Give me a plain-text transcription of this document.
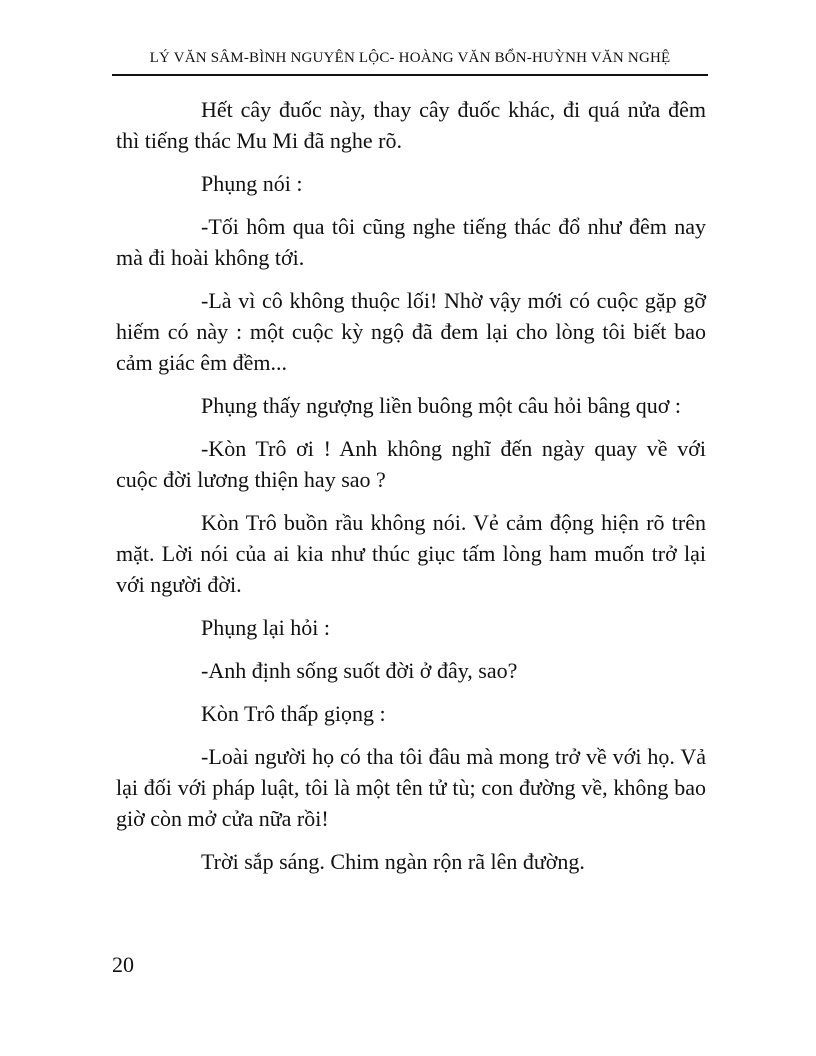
LÝ VĂN SÂM-BÌNH NGUYÊN LỘC- HOÀNG VĂN BỔN-HUỲNH VĂN NGHỆ

Hết cây đuốc này, thay cây đuốc khác, đi quá nửa đêm thì tiếng thác Mu Mi đã nghe rõ.

Phụng nói :

-Tối hôm qua tôi cũng nghe tiếng thác đổ như đêm nay mà đi hoài không tới.

-Là vì cô không thuộc lối! Nhờ vậy mới có cuộc gặp gỡ hiếm có này : một cuộc kỳ ngộ đã đem lại cho lòng tôi biết bao cảm giác êm đềm...

Phụng thấy ngượng liền buông một câu hỏi bâng quơ :

-Kòn Trô ơi ! Anh không nghĩ đến ngày quay về với cuộc đời lương thiện hay sao ?

Kòn Trô buồn rầu không nói. Vẻ cảm động hiện rõ trên mặt. Lời nói của ai kia như thúc giục tấm lòng ham muốn trở lại với người đời.

Phụng lại hỏi :

-Anh định sống suốt đời ở đây, sao?

Kòn Trô thấp giọng :

-Loài người họ có tha tôi đâu mà mong trở về với họ. Vả lại đối với pháp luật, tôi là một tên tử tù; con đường về, không bao giờ còn mở cửa nữa rồi!

Trời sắp sáng. Chim ngàn rộn rã lên đường.

20
